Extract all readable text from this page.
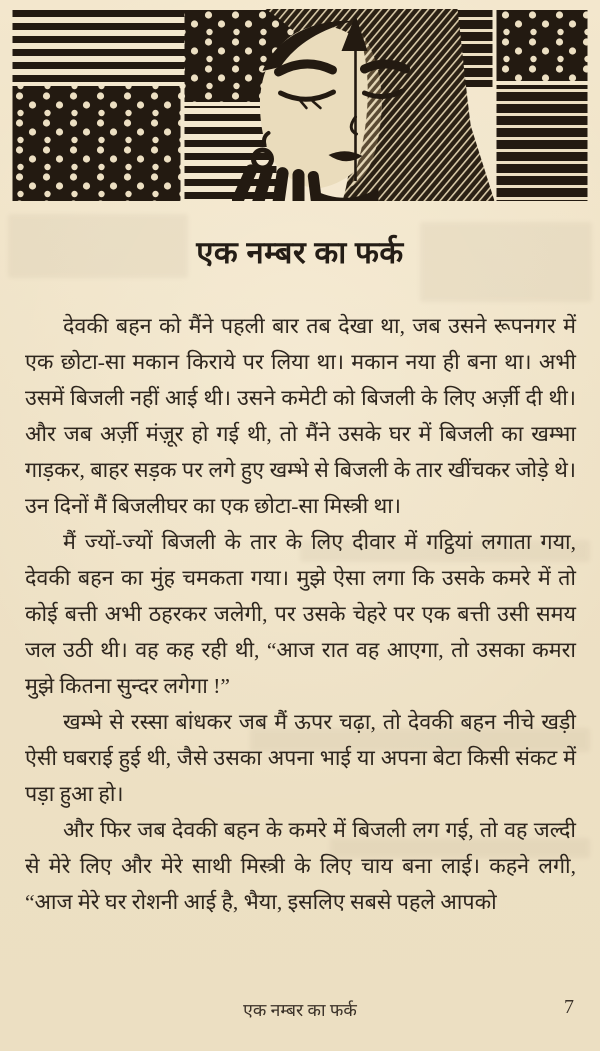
एक नम्बर का फर्क

देवकी बहन को मैंने पहली बार तब देखा था, जब उसने रूपनगर में एक छोटा-सा मकान किराये पर लिया था। मकान नया ही बना था। अभी उसमें बिजली नहीं आई थी। उसने कमेटी को बिजली के लिए अर्ज़ी दी थी। और जब अर्ज़ी मंज़ूर हो गई थी, तो मैंने उसके घर में बिजली का खम्भा गाड़कर, बाहर सड़क पर लगे हुए खम्भे से बिजली के तार खींचकर जोड़े थे। उन दिनों मैं बिजलीघर का एक छोटा-सा मिस्त्री था।

मैं ज्यों-ज्यों बिजली के तार के लिए दीवार में गट्ठियां लगाता गया, देवकी बहन का मुंह चमकता गया। मुझे ऐसा लगा कि उसके कमरे में तो कोई बत्ती अभी ठहरकर जलेगी, पर उसके चेहरे पर एक बत्ती उसी समय जल उठी थी। वह कह रही थी, “आज रात वह आएगा, तो उसका कमरा मुझे कितना सुन्दर लगेगा !”

खम्भे से रस्सा बांधकर जब मैं ऊपर चढ़ा, तो देवकी बहन नीचे खड़ी ऐसी घबराई हुई थी, जैसे उसका अपना भाई या अपना बेटा किसी संकट में पड़ा हुआ हो।

और फिर जब देवकी बहन के कमरे में बिजली लग गई, तो वह जल्दी से मेरे लिए और मेरे साथी मिस्त्री के लिए चाय बना लाई। कहने लगी, “आज मेरे घर रोशनी आई है, भैया, इसलिए सबसे पहले आपको

एक नम्बर का फर्क	7
